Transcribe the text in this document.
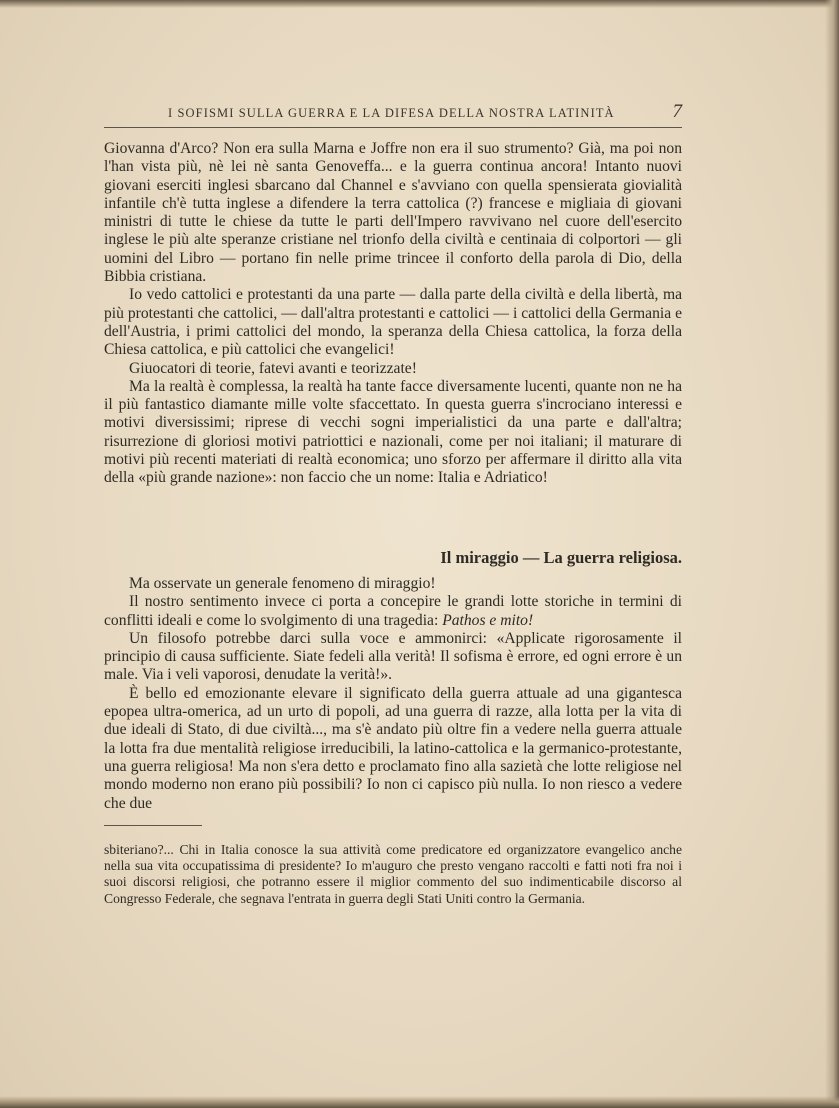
I SOFISMI SULLA GUERRA E LA DIFESA DELLA NOSTRA LATINITÀ	7

Giovanna d'Arco? Non era sulla Marna e Joffre non era il suo strumento? Già, ma poi non l'han vista più, nè lei nè santa Genoveffa... e la guerra continua ancora! Intanto nuovi giovani eserciti inglesi sbarcano dal Channel e s'avviano con quella spensierata giovialità infantile ch'è tutta inglese a difendere la terra cattolica (?) francese e migliaia di giovani ministri di tutte le chiese da tutte le parti dell'Impero ravvivano nel cuore dell'esercito inglese le più alte speranze cristiane nel trionfo della civiltà e centinaia di colportori — gli uomini del Libro — portano fin nelle prime trincee il conforto della parola di Dio, della Bibbia cristiana.

Io vedo cattolici e protestanti da una parte — dalla parte della civiltà e della libertà, ma più protestanti che cattolici, — dall'altra protestanti e cattolici — i cattolici della Germania e dell'Austria, i primi cattolici del mondo, la speranza della Chiesa cattolica, la forza della Chiesa cattolica, e più cattolici che evangelici!

Giuocatori di teorie, fatevi avanti e teorizzate!

Ma la realtà è complessa, la realtà ha tante facce diversamente lucenti, quante non ne ha il più fantastico diamante mille volte sfaccettato. In questa guerra s'incrociano interessi e motivi diversissimi; riprese di vecchi sogni imperialistici da una parte e dall'altra; risurrezione di gloriosi motivi patriottici e nazionali, come per noi italiani; il maturare di motivi più recenti materiati di realtà economica; uno sforzo per affermare il diritto alla vita della «più grande nazione»: non faccio che un nome: Italia e Adriatico!

Il miraggio — La guerra religiosa.

Ma osservate un generale fenomeno di miraggio!

Il nostro sentimento invece ci porta a concepire le grandi lotte storiche in termini di conflitti ideali e come lo svolgimento di una tragedia: Pathos e mito!

Un filosofo potrebbe darci sulla voce e ammonirci: «Applicate rigorosamente il principio di causa sufficiente. Siate fedeli alla verità! Il sofisma è errore, ed ogni errore è un male. Via i veli vaporosi, denudate la verità!».

È bello ed emozionante elevare il significato della guerra attuale ad una gigantesca epopea ultra-omerica, ad un urto di popoli, ad una guerra di razze, alla lotta per la vita di due ideali di Stato, di due civiltà..., ma s'è andato più oltre fin a vedere nella guerra attuale la lotta fra due mentalità religiose irreducibili, la latino-cattolica e la germanico-protestante, una guerra religiosa! Ma non s'era detto e proclamato fino alla sazietà che lotte religiose nel mondo moderno non erano più possibili? Io non ci capisco più nulla. Io non riesco a vedere che due

sbiteriano?... Chi in Italia conosce la sua attività come predicatore ed organizzatore evangelico anche nella sua vita occupatissima di presidente? Io m'auguro che presto vengano raccolti e fatti noti fra noi i suoi discorsi religiosi, che potranno essere il miglior commento del suo indimenticabile discorso al Congresso Federale, che segnava l'entrata in guerra degli Stati Uniti contro la Germania.
